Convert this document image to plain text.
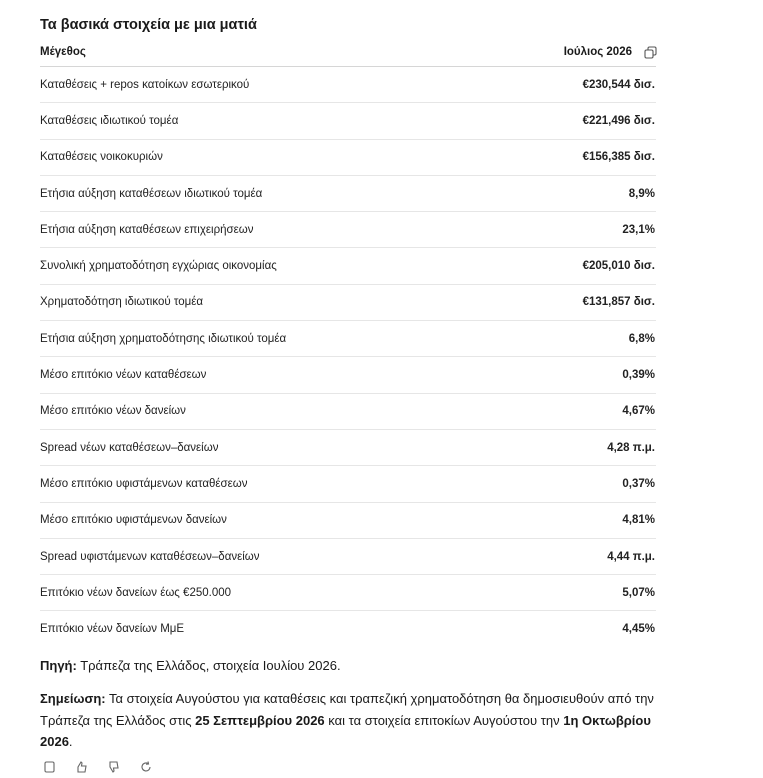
Τα βασικά στοιχεία με μια ματιά
Μέγεθος	Ιούλιος 2026

Καταθέσεις + repos κατοίκων εσωτερικού	€230,544 δισ.
Καταθέσεις ιδιωτικού τομέα	€221,496 δισ.
Καταθέσεις νοικοκυριών	€156,385 δισ.
Ετήσια αύξηση καταθέσεων ιδιωτικού τομέα	8,9%
Ετήσια αύξηση καταθέσεων επιχειρήσεων	23,1%
Συνολική χρηματοδότηση εγχώριας οικονομίας	€205,010 δισ.
Χρηματοδότηση ιδιωτικού τομέα	€131,857 δισ.
Ετήσια αύξηση χρηματοδότησης ιδιωτικού τομέα	6,8%
Μέσο επιτόκιο νέων καταθέσεων	0,39%
Μέσο επιτόκιο νέων δανείων	4,67%
Spread νέων καταθέσεων–δανείων	4,28 π.μ.
Μέσο επιτόκιο υφιστάμενων καταθέσεων	0,37%
Μέσο επιτόκιο υφιστάμενων δανείων	4,81%
Spread υφιστάμενων καταθέσεων–δανείων	4,44 π.μ.
Επιτόκιο νέων δανείων έως €250.000	5,07%
Επιτόκιο νέων δανείων ΜμΕ	4,45%

Πηγή: Τράπεζα της Ελλάδος, στοιχεία Ιουλίου 2026.

Σημείωση: Τα στοιχεία Αυγούστου για καταθέσεις και τραπεζική χρηματοδότηση θα δημοσιευθούν από την Τράπεζα της Ελλάδος στις 25 Σεπτεμβρίου 2026 και τα στοιχεία επιτοκίων Αυγούστου την 1η Οκτωβρίου 2026.
